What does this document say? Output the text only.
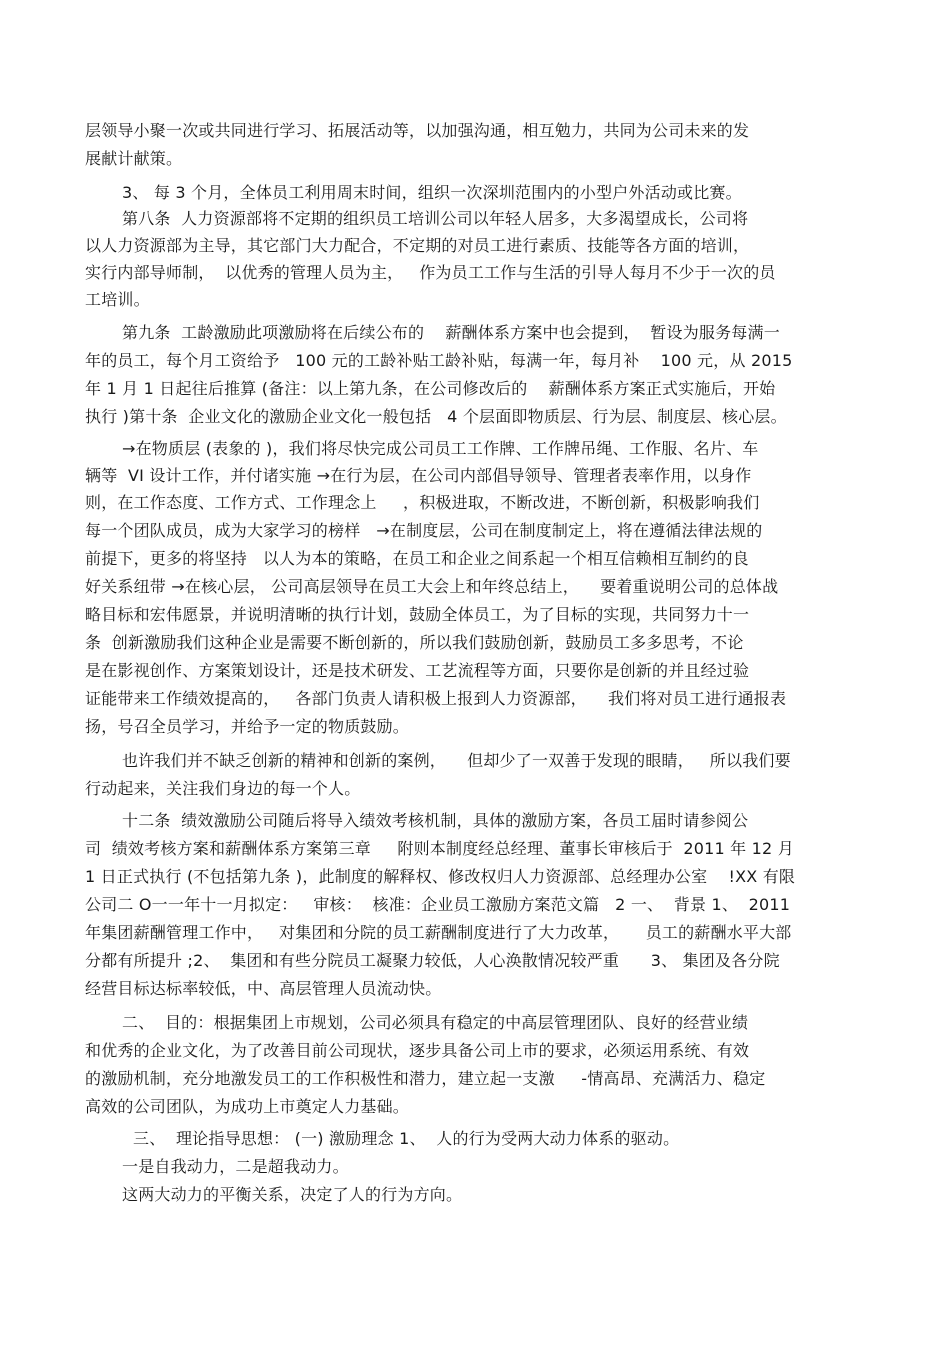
层领导小聚一次或共同进行学习、拓展活动等，以加强沟通，相互勉力，共同为公司未来的发
展献计献策。
3、 每 3 个月，全体员工利用周末时间，组织一次深圳范围内的小型户外活动或比赛。
第八条  人力资源部将不定期的组织员工培训公司以年轻人居多，大多渴望成长，公司将
以人力资源部为主导，其它部门大力配合，不定期的对员工进行素质、技能等各方面的培训，
实行内部导师制，  以优秀的管理人员为主，   作为员工工作与生活的引导人每月不少于一次的员
工培训。
第九条  工龄激励此项激励将在后续公布的    薪酬体系方案中也会提到，  暂设为服务每满一
年的员工，每个月工资给予   100 元的工龄补贴工龄补贴，每满一年，每月补    100 元，从 2015
年 1 月 1 日起往后推算 (备注：以上第九条，在公司修改后的    薪酬体系方案正式实施后，开始
执行 )第十条  企业文化的激励企业文化一般包括   4 个层面即物质层、行为层、制度层、核心层。
→在物质层 (表象的 )，我们将尽快完成公司员工工作牌、工作牌吊绳、工作服、名片、车
辆等  VI 设计工作，并付诸实施 →在行为层，在公司内部倡导领导、管理者表率作用，以身作
则，在工作态度、工作方式、工作理念上     ，积极进取，不断改进，不断创新，积极影响我们
每一个团队成员，成为大家学习的榜样   →在制度层，公司在制度制定上，将在遵循法律法规的
前提下，更多的将坚持   以人为本的策略，在员工和企业之间系起一个相互信赖相互制约的良
好关系纽带 →在核心层， 公司高层领导在员工大会上和年终总结上，    要着重说明公司的总体战
略目标和宏伟愿景，并说明清晰的执行计划，鼓励全体员工，为了目标的实现，共同努力十一
条  创新激励我们这种企业是需要不断创新的，所以我们鼓励创新，鼓励员工多多思考，不论
是在影视创作、方案策划设计，还是技术研发、工艺流程等方面，只要你是创新的并且经过验
证能带来工作绩效提高的，   各部门负责人请积极上报到人力资源部，    我们将对员工进行通报表
扬，号召全员学习，并给予一定的物质鼓励。
也许我们并不缺乏创新的精神和创新的案例，    但却少了一双善于发现的眼睛，   所以我们要
行动起来，关注我们身边的每一个人。
十二条  绩效激励公司随后将导入绩效考核机制，具体的激励方案，各员工届时请参阅公
司  绩效考核方案和薪酬体系方案第三章     附则本制度经总经理、董事长审核后于  2011 年 12 月
1 日正式执行 (不包括第九条 )，此制度的解释权、修改权归人力资源部、总经理办公室    !XX 有限
公司二 O一一年十一月拟定：   审核：  核准：企业员工激励方案范文篇   2 一、  背景 1、  2011
年集团薪酬管理工作中，   对集团和分院的员工薪酬制度进行了大力改革，     员工的薪酬水平大部
分都有所提升 ;2、  集团和有些分院员工凝聚力较低，人心涣散情况较严重      3、 集团及各分院
经营目标达标率较低，中、高层管理人员流动快。
二、  目的：根据集团上市规划，公司必须具有稳定的中高层管理团队、良好的经营业绩
和优秀的企业文化，为了改善目前公司现状，逐步具备公司上市的要求，必须运用系统、有效
的激励机制，充分地激发员工的工作积极性和潜力，建立起一支激     -情高昂、充满活力、稳定
高效的公司团队，为成功上市奠定人力基础。
三、  理论指导思想： (一) 激励理念 1、  人的行为受两大动力体系的驱动。
一是自我动力，二是超我动力。
这两大动力的平衡关系，决定了人的行为方向。
